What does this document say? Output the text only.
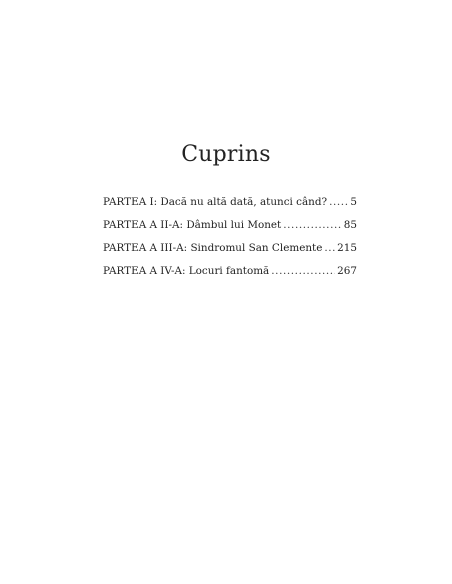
Cuprins
PARTEA I: Dacă nu altă dată, atunci când? ..... 5
PARTEA A II-A: Dâmbul lui Monet .....	85
PARTEA A III-A: Sindromul San Clemente ..... 215
PARTEA A IV-A: Locuri fantomă .....	267
